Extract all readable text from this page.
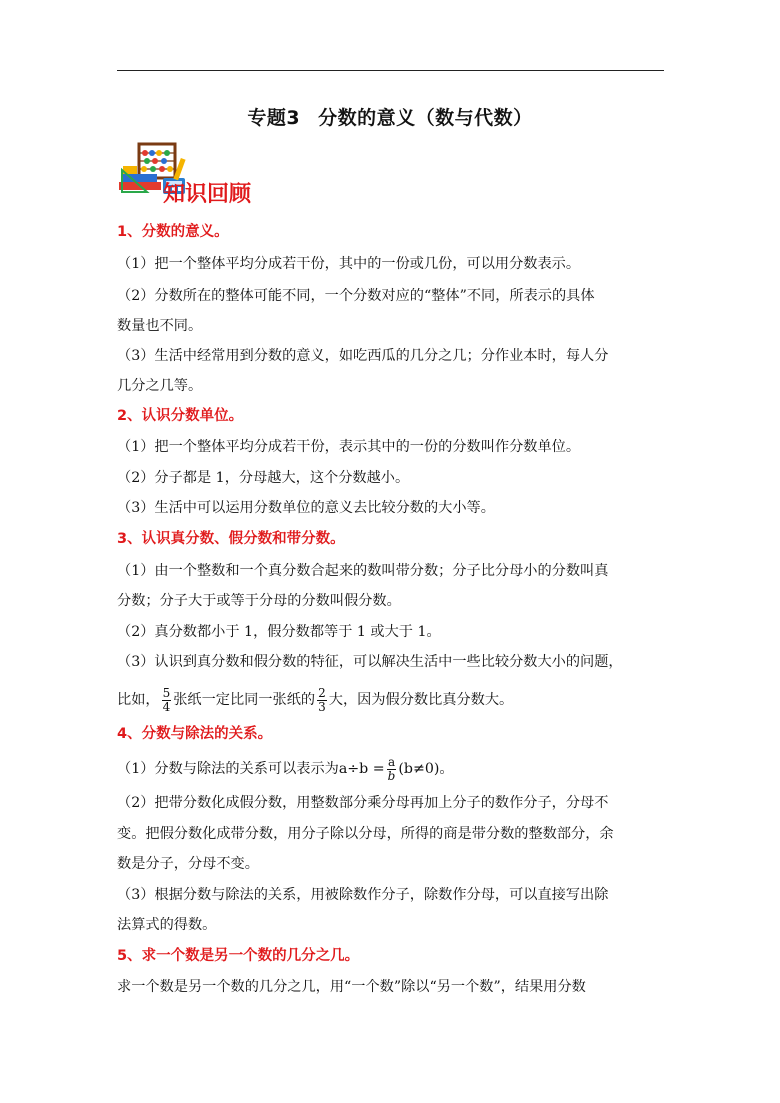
专题3 分数的意义（数与代数）
知识回顾
1、分数的意义。
（1）把一个整体平均分成若干份，其中的一份或几份，可以用分数表示。
（2）分数所在的整体可能不同，一个分数对应的“整体”不同，所表示的具体
数量也不同。
（3）生活中经常用到分数的意义，如吃西瓜的几分之几；分作业本时，每人分
几分之几等。
2、认识分数单位。
（1）把一个整体平均分成若干份，表示其中的一份的分数叫作分数单位。
（2）分子都是 1，分母越大，这个分数越小。
（3）生活中可以运用分数单位的意义去比较分数的大小等。
3、认识真分数、假分数和带分数。
（1）由一个整数和一个真分数合起来的数叫带分数；分子比分母小的分数叫真
分数；分子大于或等于分母的分数叫假分数。
（2）真分数都小于 1，假分数都等于 1 或大于 1。
（3）认识到真分数和假分数的特征，可以解决生活中一些比较分数大小的问题，
比如， $\frac{5}{4}$ 张纸一定比同一张纸的 $\frac{2}{3}$ 大，因为假分数比真分数大。
4、分数与除法的关系。
（1）分数与除法的关系可以表示为$a\div b = \frac{a}{b} (b\ne 0)$。
（2）把带分数化成假分数，用整数部分乘分母再加上分子的数作分子，分母不
变。把假分数化成带分数，用分子除以分母，所得的商是带分数的整数部分，余
数是分子，分母不变。
（3）根据分数与除法的关系，用被除数作分子，除数作分母，可以直接写出除
法算式的得数。
5、求一个数是另一个数的几分之几。
求一个数是另一个数的几分之几，用“一个数”除以“另一个数”，结果用分数
